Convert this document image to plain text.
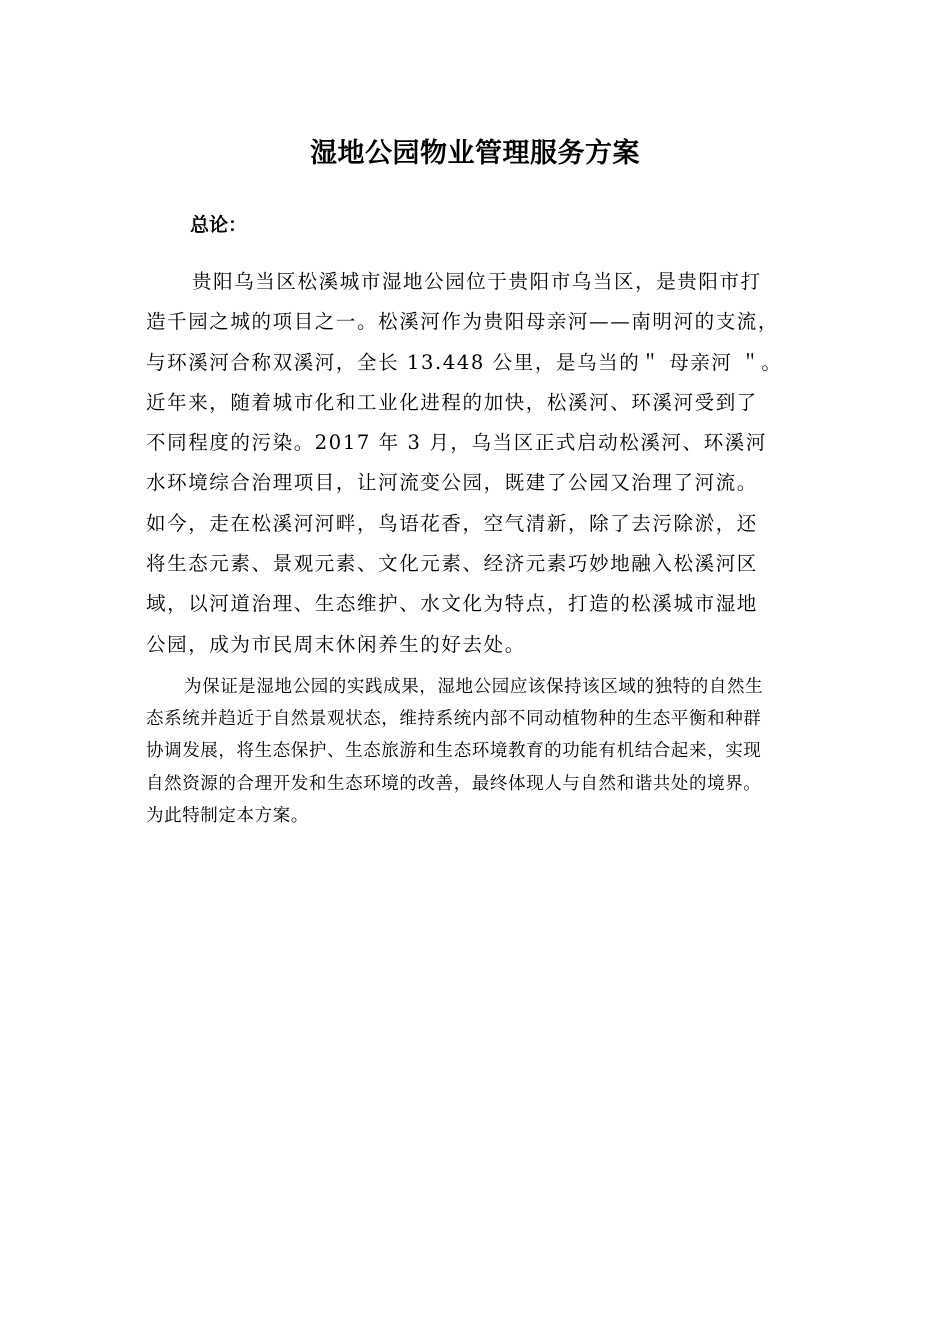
湿地公园物业管理服务方案
总论：
贵阳乌当区松溪城市湿地公园位于贵阳市乌当区，是贵阳市打
造千园之城的项目之一。松溪河作为贵阳母亲河——南明河的支流，
与环溪河合称双溪河，全长 13.448 公里，是乌当的＂ 母亲河 ＂。
近年来，随着城市化和工业化进程的加快，松溪河、环溪河受到了
不同程度的污染。2017 年 3 月，乌当区正式启动松溪河、环溪河
水环境综合治理项目，让河流变公园，既建了公园又治理了河流。
如今，走在松溪河河畔，鸟语花香，空气清新，除了去污除淤，还
将生态元素、景观元素、文化元素、经济元素巧妙地融入松溪河区
域，以河道治理、生态维护、水文化为特点，打造的松溪城市湿地
公园，成为市民周末休闲养生的好去处。
为保证是湿地公园的实践成果，湿地公园应该保持该区域的独特的自然生
态系统并趋近于自然景观状态，维持系统内部不同动植物种的生态平衡和种群
协调发展，将生态保护、生态旅游和生态环境教育的功能有机结合起来，实现
自然资源的合理开发和生态环境的改善，最终体现人与自然和谐共处的境界。
为此特制定本方案。
